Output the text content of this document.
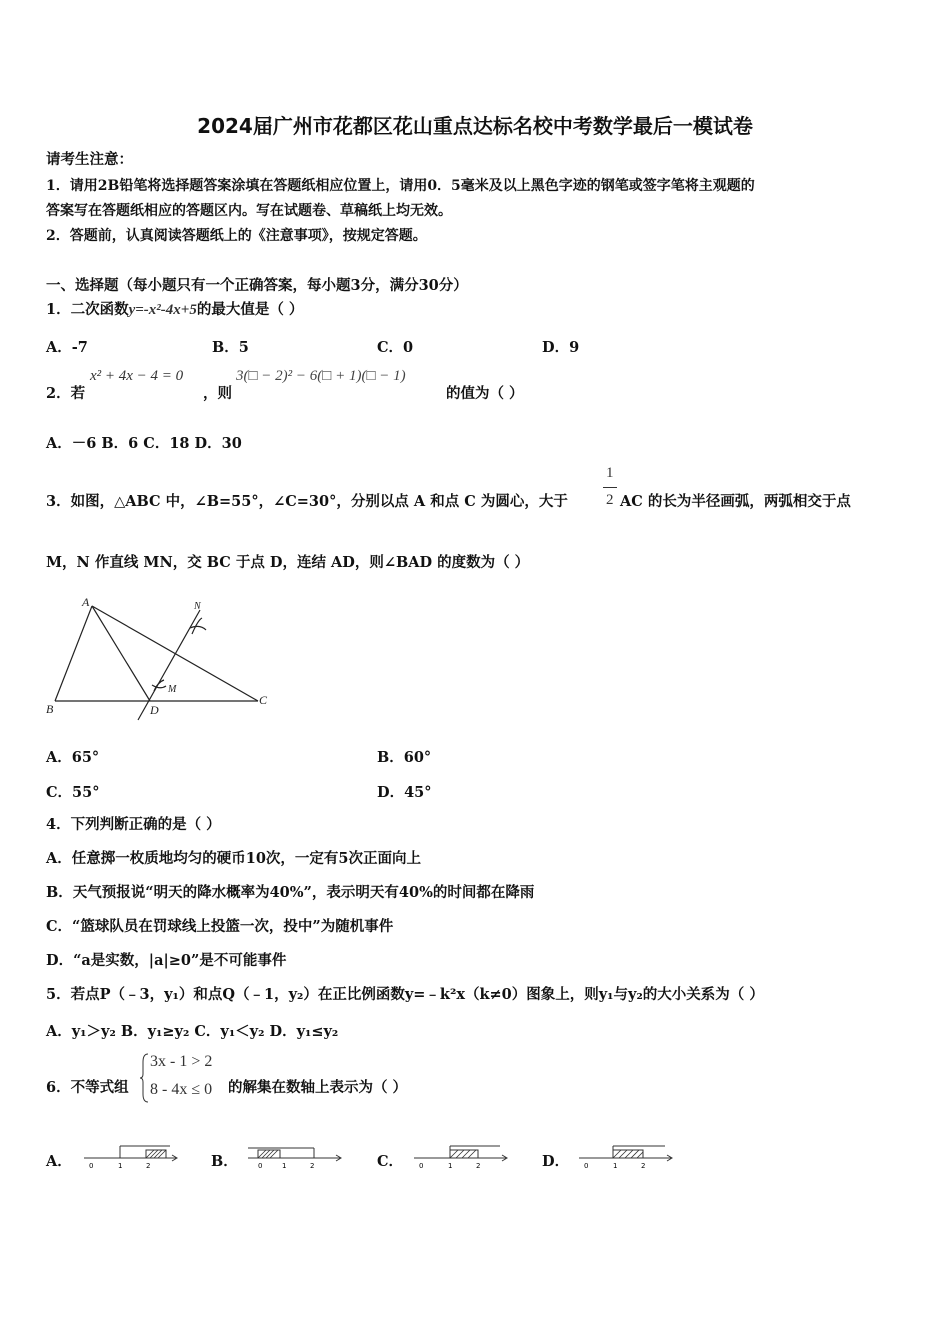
2024届广州市花都区花山重点达标名校中考数学最后一模试卷
请考生注意：
1．请用2B铅笔将选择题答案涂填在答题纸相应位置上，请用0．5毫米及以上黑色字迹的钢笔或签字笔将主观题的
答案写在答题纸相应的答题区内。写在试题卷、草稿纸上均无效。
2．答题前，认真阅读答题纸上的《注意事项》，按规定答题。
一、选择题（每小题只有一个正确答案，每小题3分，满分30分）
1．二次函数y=-x²-4x+5的最大值是（ ）
A．-7	B．5	C．0	D．9
2．若
x² + 4x − 4 = 0
，则
3(□ − 2)² − 6(□ + 1)(□ − 1)
的值为（ ）
A．－6 B．6 C．18 D．30
3．如图，△ABC 中，∠B=55°，∠C=30°，分别以点 A 和点 C 为圆心，大于
1
2 AC 的长为半径画弧，两弧相交于点
M，N 作直线 MN，交 BC 于点 D，连结 AD，则∠BAD 的度数为（ ）
A
B
C
D
M
N
A．65°	B．60°
C．55°	D．45°
4．下列判断正确的是（ ）
A．任意掷一枚质地均匀的硬币10次，一定有5次正面向上
B．天气预报说“明天的降水概率为40%”，表示明天有40%的时间都在降雨
C．“篮球队员在罚球线上投篮一次，投中”为随机事件
D．“a是实数，|a|≥0”是不可能事件
5．若点P（﹣3，y₁）和点Q（﹣1，y₂）在正比例函数y=﹣k²x（k≠0）图象上，则y₁与y₂的大小关系为（ ）
A．y₁＞y₂ B．y₁≥y₂ C．y₁＜y₂ D．y₁≤y₂
6．不等式组
3x - 1 > 2
8 - 4x ≤ 0 的解集在数轴上表示为（ ）
A． 0	1	2	B．	0	1	2	C． 0	1	2	D． 0	1	2
